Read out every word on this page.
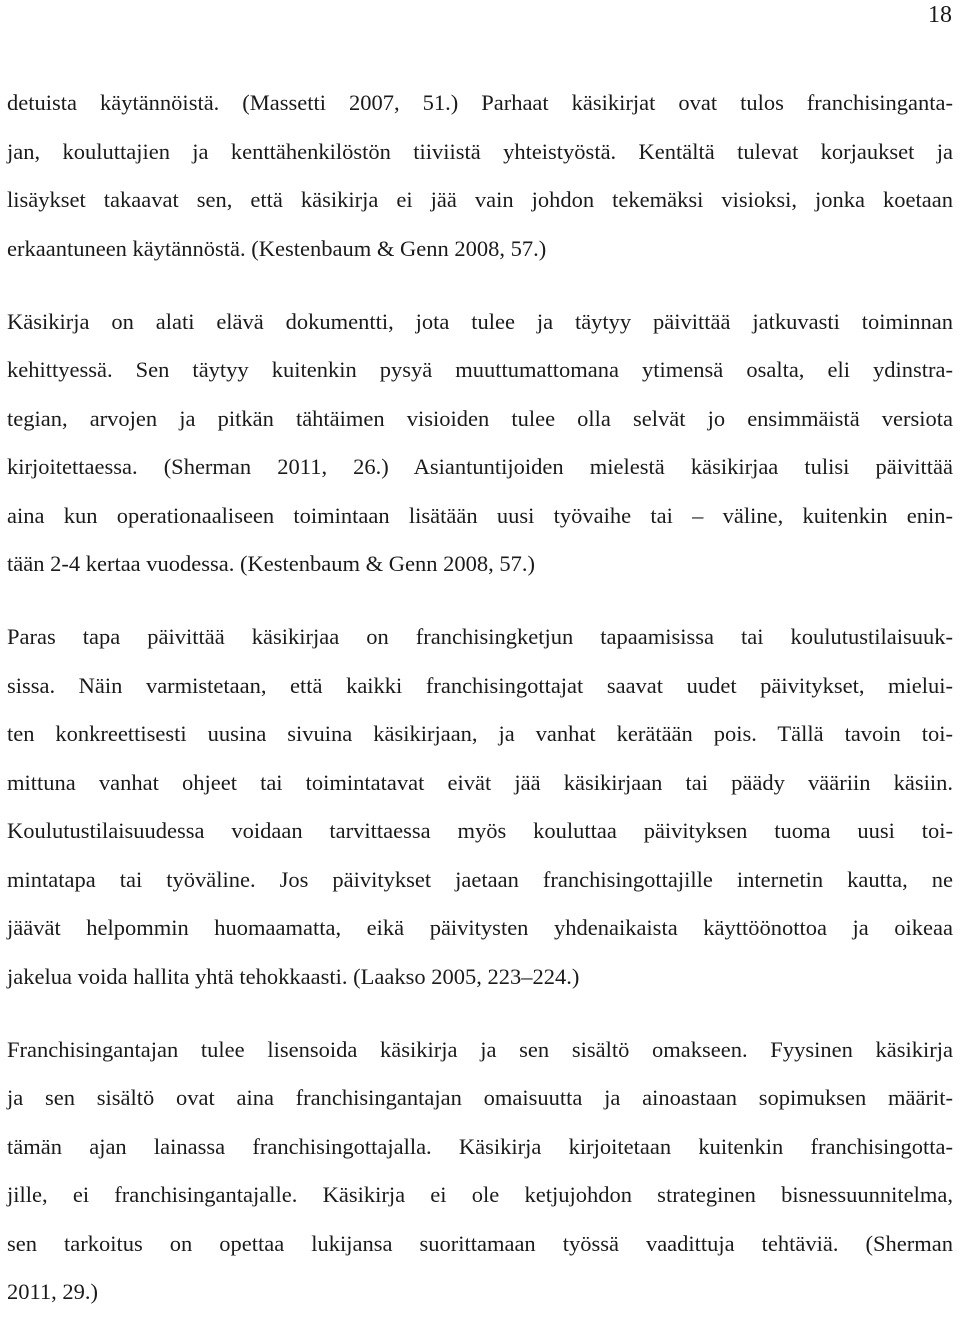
18

detuista käytännöistä. (Massetti 2007, 51.) Parhaat käsikirjat ovat tulos franchisinganta-
jan, kouluttajien ja kenttähenkilöstön tiiviistä yhteistyöstä. Kentältä tulevat korjaukset ja
lisäykset takaavat sen, että käsikirja ei jää vain johdon tekemäksi visioksi, jonka koetaan
erkaantuneen käytännöstä. (Kestenbaum & Genn 2008, 57.)

Käsikirja on alati elävä dokumentti, jota tulee ja täytyy päivittää jatkuvasti toiminnan
kehittyessä. Sen täytyy kuitenkin pysyä muuttumattomana ytimensä osalta, eli ydinstra-
tegian, arvojen ja pitkän tähtäimen visioiden tulee olla selvät jo ensimmäistä versiota
kirjoitettaessa. (Sherman 2011, 26.) Asiantuntijoiden mielestä käsikirjaa tulisi päivittää
aina kun operationaaliseen toimintaan lisätään uusi työvaihe tai – väline, kuitenkin enin-
tään 2-4 kertaa vuodessa. (Kestenbaum & Genn 2008, 57.)

Paras tapa päivittää käsikirjaa on franchisingketjun tapaamisissa tai koulutustilaisuuk-
sissa. Näin varmistetaan, että kaikki franchisingottajat saavat uudet päivitykset, mielui-
ten konkreettisesti uusina sivuina käsikirjaan, ja vanhat kerätään pois. Tällä tavoin toi-
mittuna vanhat ohjeet tai toimintatavat eivät jää käsikirjaan tai päädy vääriin käsiin.
Koulutustilaisuudessa voidaan tarvittaessa myös kouluttaa päivityksen tuoma uusi toi-
mintatapa tai työväline. Jos päivitykset jaetaan franchisingottajille internetin kautta, ne
jäävät helpommin huomaamatta, eikä päivitysten yhdenaikaista käyttöönottoa ja oikeaa
jakelua voida hallita yhtä tehokkaasti. (Laakso 2005, 223–224.)

Franchisingantajan tulee lisensoida käsikirja ja sen sisältö omakseen. Fyysinen käsikirja
ja sen sisältö ovat aina franchisingantajan omaisuutta ja ainoastaan sopimuksen määrit-
tämän ajan lainassa franchisingottajalla. Käsikirja kirjoitetaan kuitenkin franchisingotta-
jille, ei franchisingantajalle. Käsikirja ei ole ketjujohdon strateginen bisnessuunnitelma,
sen tarkoitus on opettaa lukijansa suorittamaan työssä vaadittuja tehtäviä. (Sherman
2011, 29.)
